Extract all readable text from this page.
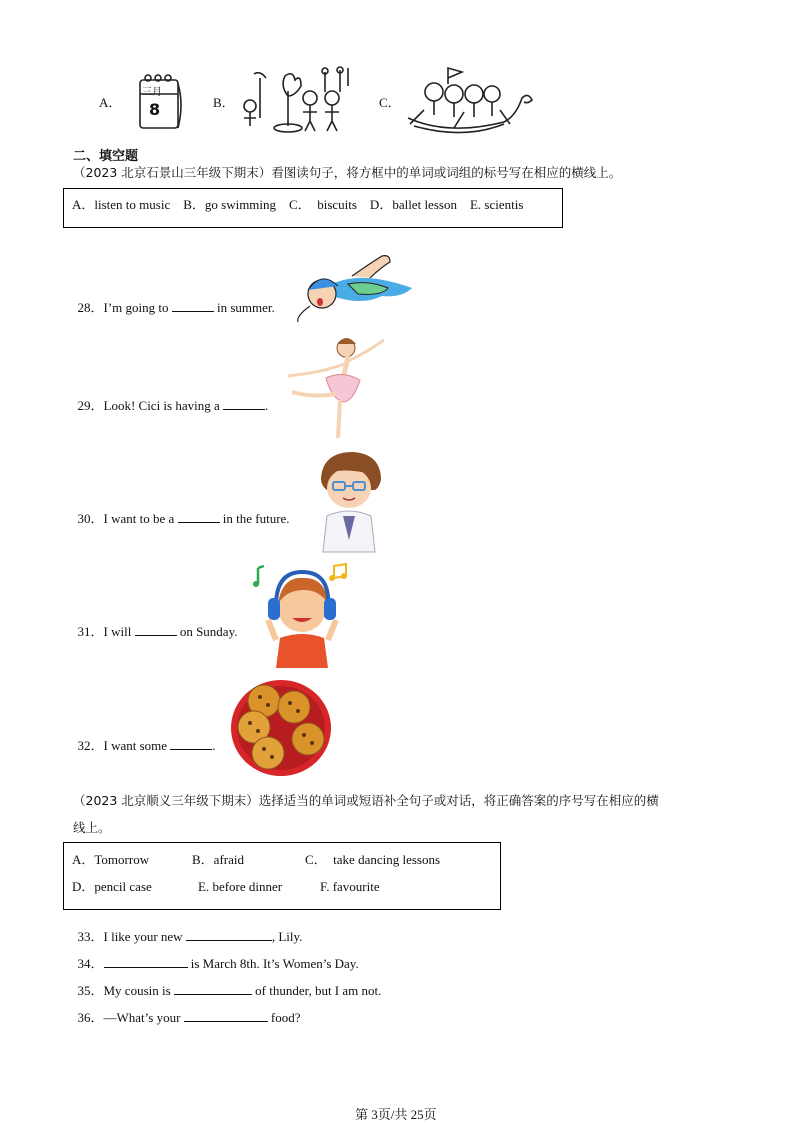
A．
三月
8	B．	C．
二、填空题
（2023 北京石景山三年级下期末）看图读句子，将方框中的单词或词组的标号写在相应的横线上。
A．listen to music    B．go swimming    C．  biscuits    D．ballet lesson    E. scientis

28．I’m going to	in summer.

29．Look! Cici is having a	.

30．I want to be a	in the future.

31．I will	on Sunday.

32．I want some	.

（2023 北京顺义三年级下期末）选择适当的单词或短语补全句子或对话，将正确答案的序号写在相应的横
线上。
A．Tomorrow	B．afraid	C．  take dancing lessons
D．pencil case	E. before dinner	F. favourite

33．I like your new	, Lily.

34．	is March 8th. It’s Women’s Day.

35．My cousin is	of thunder, but I am not.

36．—What’s your	food?

第 3页/共 25页
